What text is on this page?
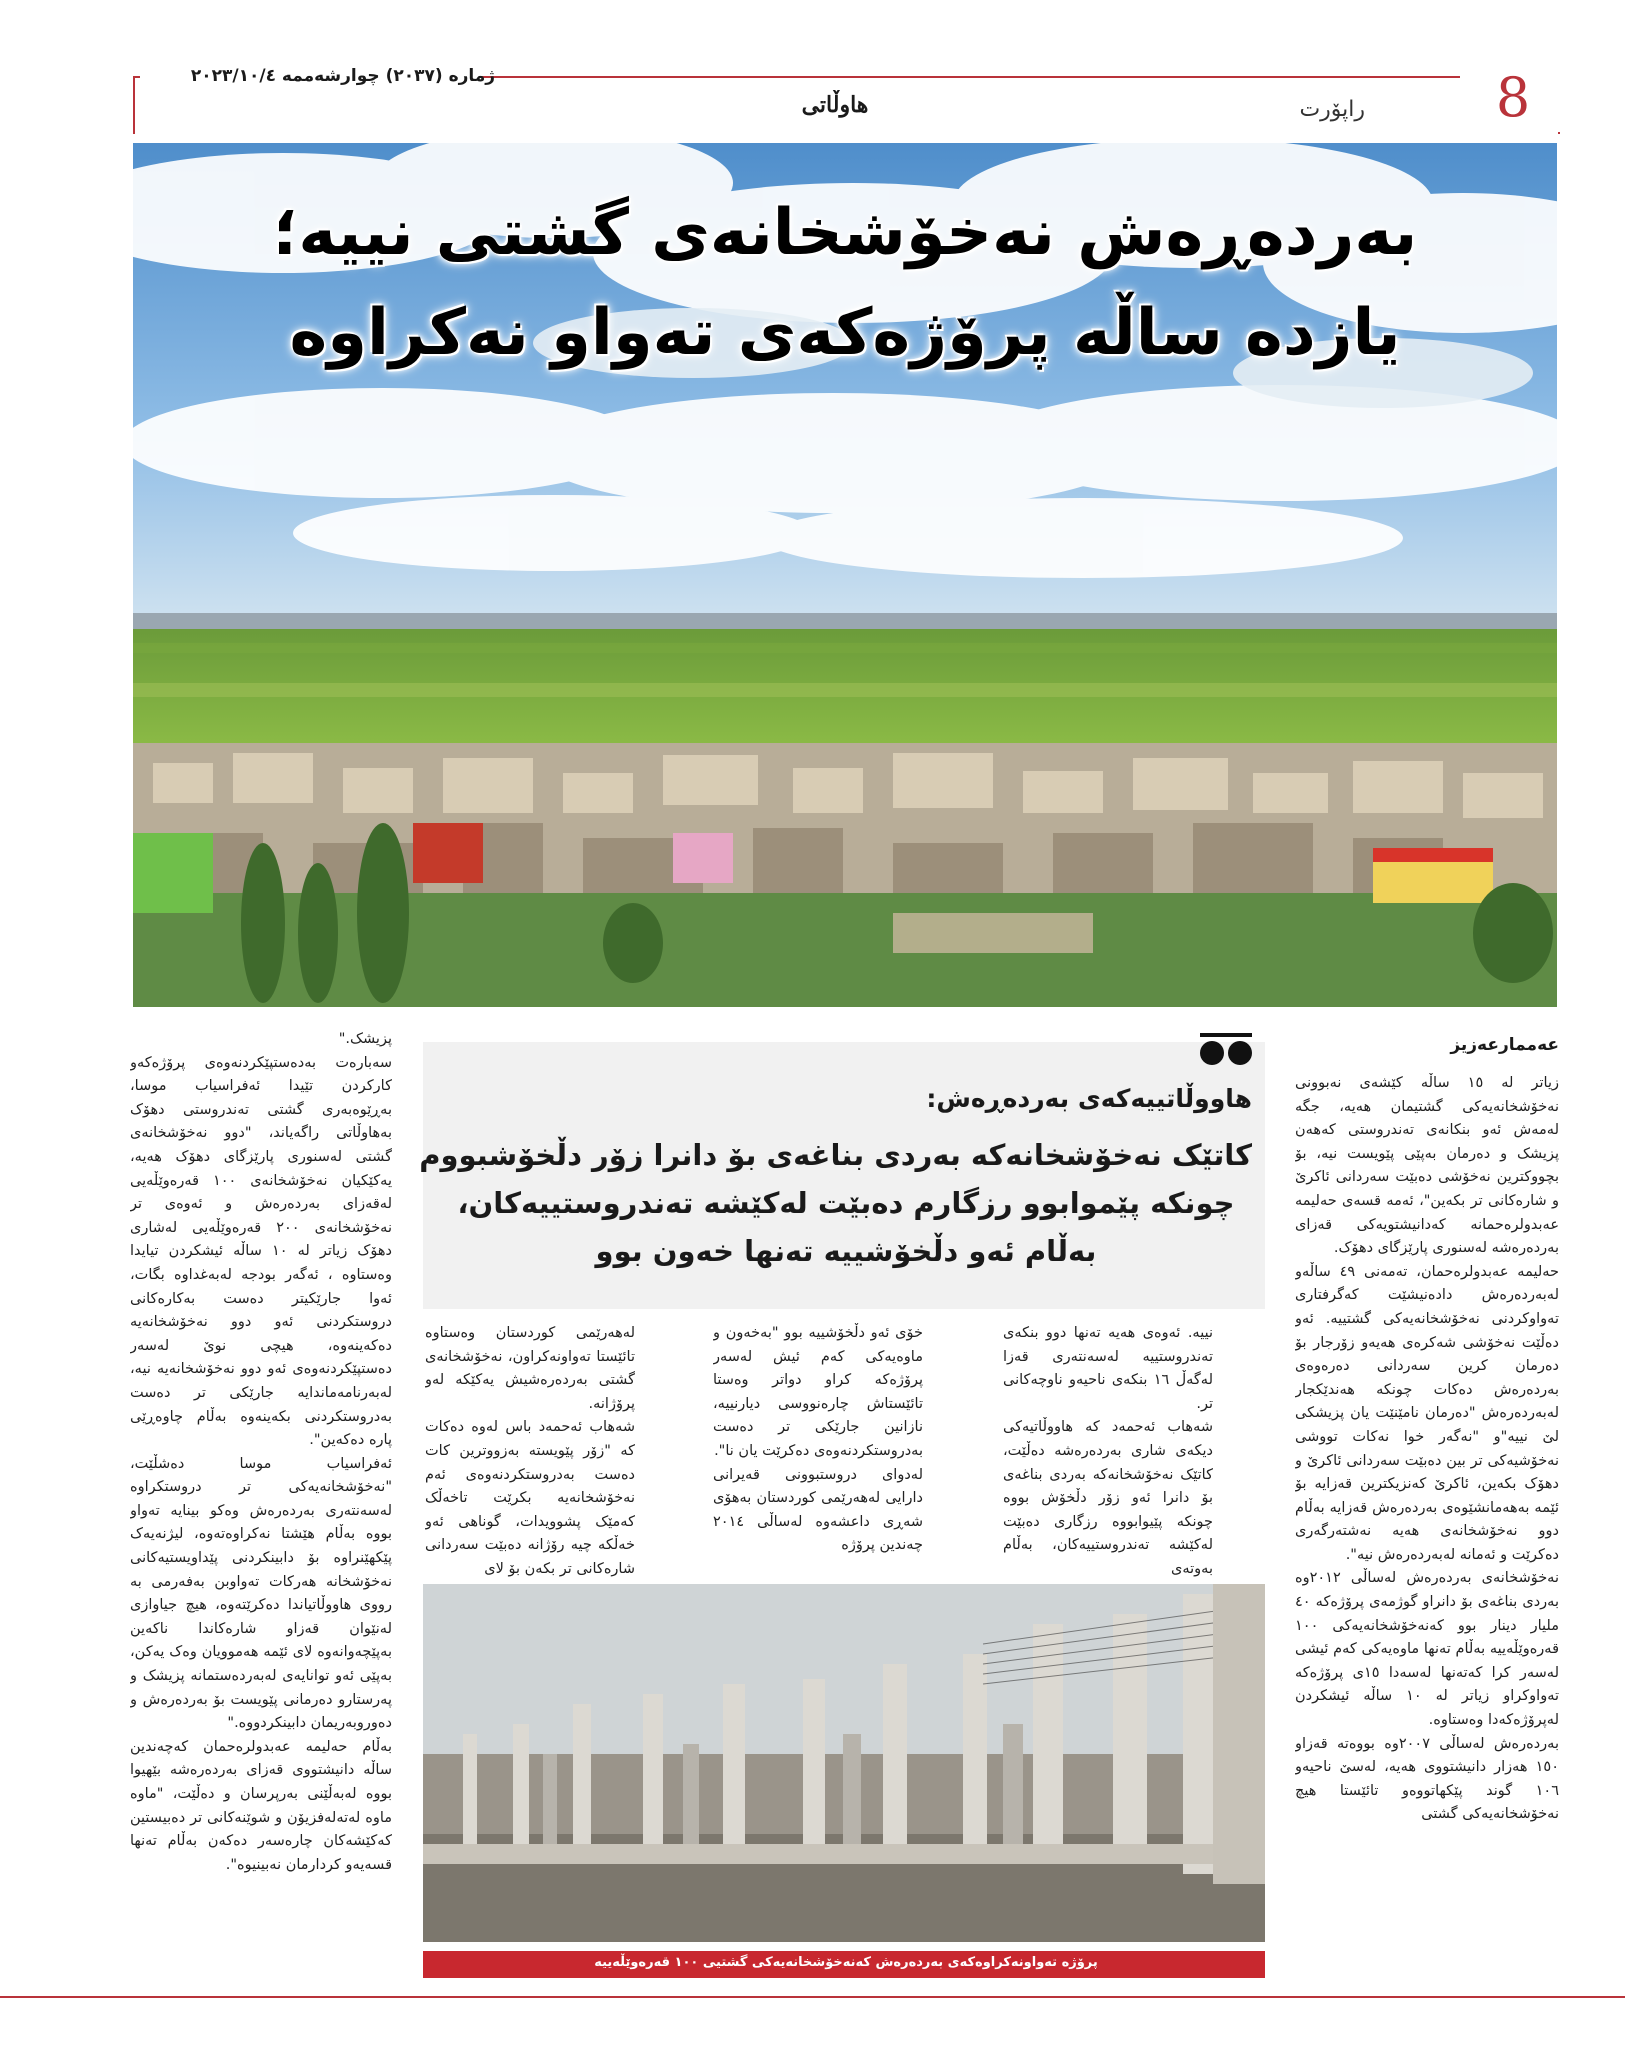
ژمارە (٢٠٣٧) چوارشەممە ٢٠٢٣/١٠/٤
هاوڵاتی	راپۆرت	8
بەردەڕەش نەخۆشخانەی گشتی نییە؛
یازدە ساڵە پرۆژەکەی تەواو نەکراوە
عەممارعەزیز

زیاتر لە ١٥ ساڵە کێشەی نەبوونی نەخۆشخانەیەکی گشتیمان هەیە، جگە لەمەش ئەو بنکانەی تەندروستی کەهەن پزیشک و دەرمان بەپێی پێویست نیە، بۆ بچووکترین نەخۆشی دەبێت سەردانی ئاکرێ و شارەکانی تر بکەین"، ئەمە قسەی حەلیمە عەبدولرەحمانە کەدانیشتویەکی قەزای بەردەرەشە لەسنوری پارێزگای دهۆک.

حەلیمە عەبدولرەحمان، تەمەنی ٤٩ ساڵەو لەبەردەرەش دادەنیشێت کەگرفتاری تەواوکردنی نەخۆشخانەیەکی گشتییە. ئەو دەڵێت نەخۆشی شەکرەی هەیەو زۆرجار بۆ دەرمان کرین سەردانی دەرەوەی بەردەرەش دەکات چونکە هەندێکجار لەبەردەرەش "دەرمان نامێنێت یان پزیشکی لێ نییە"و "نەگەر خوا نەکات تووشی نەخۆشیەکی تر بین دەبێت سەردانی ئاکرێ و دهۆک بکەین، ئاکرێ کەنزیکترین قەزایە بۆ ئێمە بەهەمانشێوەی بەردەرەش قەزایە بەڵام دوو نەخۆشخانەی هەیە نەشتەرگەری دەکرێت و ئەمانە لەبەردەرەش نیە".

نەخۆشخانەی بەردەرەش لەساڵی ٢٠١٢وە بەردی بناغەی بۆ دانراو گوژمەی پرۆژەکە ٤٠ ملیار دینار بوو کەنەخۆشخانەیەکی ١٠٠ قەرەوێڵەییە بەڵام تەنها ماوەیەکی کەم ئیشی لەسەر کرا کەتەنها لەسەدا ١٥ی پرۆژەکە تەواوکراو زیاتر لە ١٠ ساڵە ئیشکردن لەپرۆژەکەدا وەستاوە.

بەردەرەش لەساڵی ٢٠٠٧وە بووەتە قەزاو ١٥٠ هەزار دانیشتووی هەیە، لەسێ ناحیەو ١٠٦ گوند پێکهاتووەو تائێستا هیچ نەخۆشخانەیەکی گشتی

هاووڵاتییەکەی بەردەڕەش:
کاتێک نەخۆشخانەکە بەردی بناغەی بۆ دانرا زۆر دڵخۆشبووم
چونکە پێموابوو رزگارم دەبێت لەکێشە تەندروستییەکان،
بەڵام ئەو دڵخۆشییە تەنها خەون بوو

نییە. ئەوەی هەیە تەنها دوو بنکەی تەندروستییە لەسەنتەری قەزا لەگەڵ ١٦ بنکەی ناحیەو ناوچەکانی تر.

شەهاب ئەحمەد کە هاووڵاتیەکی دیکەی شاری بەردەرەشە دەڵێت، کاتێک نەخۆشخانەکە بەردی بناغەی بۆ دانرا ئەو زۆر دڵخۆش بووە چونکە پێیوابووە رزگاری دەبێت لەکێشە تەندروستییەکان، بەڵام بەوتەی

خۆی ئەو دڵخۆشییە بوو "بەخەون و ماوەیەکی کەم ئیش لەسەر پرۆژەکە کراو دواتر وەستا تائێستاش چارەنووسی دیارنییە، نازانین جارێکی تر دەست بەدروستکردنەوەی دەکرێت یان نا".

لەدوای دروستبوونی قەیرانی دارایی لەهەرێمی کوردستان بەهۆی شەڕی داعشەوە لەساڵی ٢٠١٤ چەندین پرۆژە

لەهەرێمی کوردستان وەستاوە تائێستا تەواونەکراون، نەخۆشخانەی گشتی بەردەرەشیش یەکێکە لەو پرۆژانە.

شەهاب ئەحمەد باس لەوە دەکات کە "زۆر پێویستە بەزووترین کات دەست بەدروستکردنەوەی ئەم نەخۆشخانەیە بکرێت تاخەڵک کەمێک پشوویدات، گوناهی ئەو خەڵکە چیە رۆژانە دەبێت سەردانی شارەکانی تر بکەن بۆ لای

پزیشک."

سەبارەت بەدەستپێکردنەوەی پرۆژەکەو کارکردن تێیدا ئەفراسیاب موسا، بەڕێوەبەری گشتی تەندروستی دهۆک بەهاوڵاتی راگەیاند، "دوو نەخۆشخانەی گشتی لەسنوری پارێزگای دهۆک هەیە، یەکێکیان نەخۆشخانەی ١٠٠ قەرەوێڵەیی لەقەزای بەردەرەش و ئەوەی تر نەخۆشخانەی ٢٠٠ قەرەوێڵەیی لەشاری دهۆک زیاتر لە ١٠ ساڵە ئیشکردن تیایدا وەستاوە ، ئەگەر بودجە لەبەغداوە بگات، ئەوا جارێکیتر دەست بەکارەکانی دروستکردنی ئەو دوو نەخۆشخانەیە دەکەینەوە، هیچی نوێ لەسەر دەستپێکردنەوەی ئەو دوو نەخۆشخانەیە نیە، لەبەرنامەماندایە جارێکی تر دەست بەدروستکردنی بکەینەوە بەڵام چاوەڕێی پارە دەکەین".

ئەفراسیاب موسا دەشڵێت، "نەخۆشخانەیەکی تر دروستکراوە لەسەنتەری بەردەرەش وەکو بینایە تەواو بووە بەڵام هێشتا نەکراوەتەوە، لیژنەیەک پێکهێنراوە بۆ دابینکردنی پێداویستیەکانی نەخۆشخانە هەرکات تەواوبن بەفەرمی بە رووی هاووڵاتیاندا دەکرێتەوە، هیچ جیاوازی لەنێوان قەزاو شارەکاندا ناکەین بەپێچەوانەوە لای ئێمە هەموویان وەک یەکن، بەپێی ئەو توانایەی لەبەردەستمانە پزیشک و پەرستارو دەرمانی پێویست بۆ بەردەرەش و دەوروبەریمان دابینکردووە."

بەڵام حەلیمە عەبدولرەحمان کەچەندین ساڵە دانیشتووی قەزای بەردەرەشە بێهیوا بووە لەبەڵێنی بەرپرسان و دەڵێت، "ماوە ماوە لەتەلەفزیۆن و شوێنەکانی تر دەبیستین کەکێشەکان چارەسەر دەکەن بەڵام تەنها قسەیەو کردارمان نەبینیوە".

پرۆژە تەواونەکراوەکەی بەردەرەش کەنەخۆشخانەیەکی گشتیی ١٠٠ قەرەوێڵەییە
